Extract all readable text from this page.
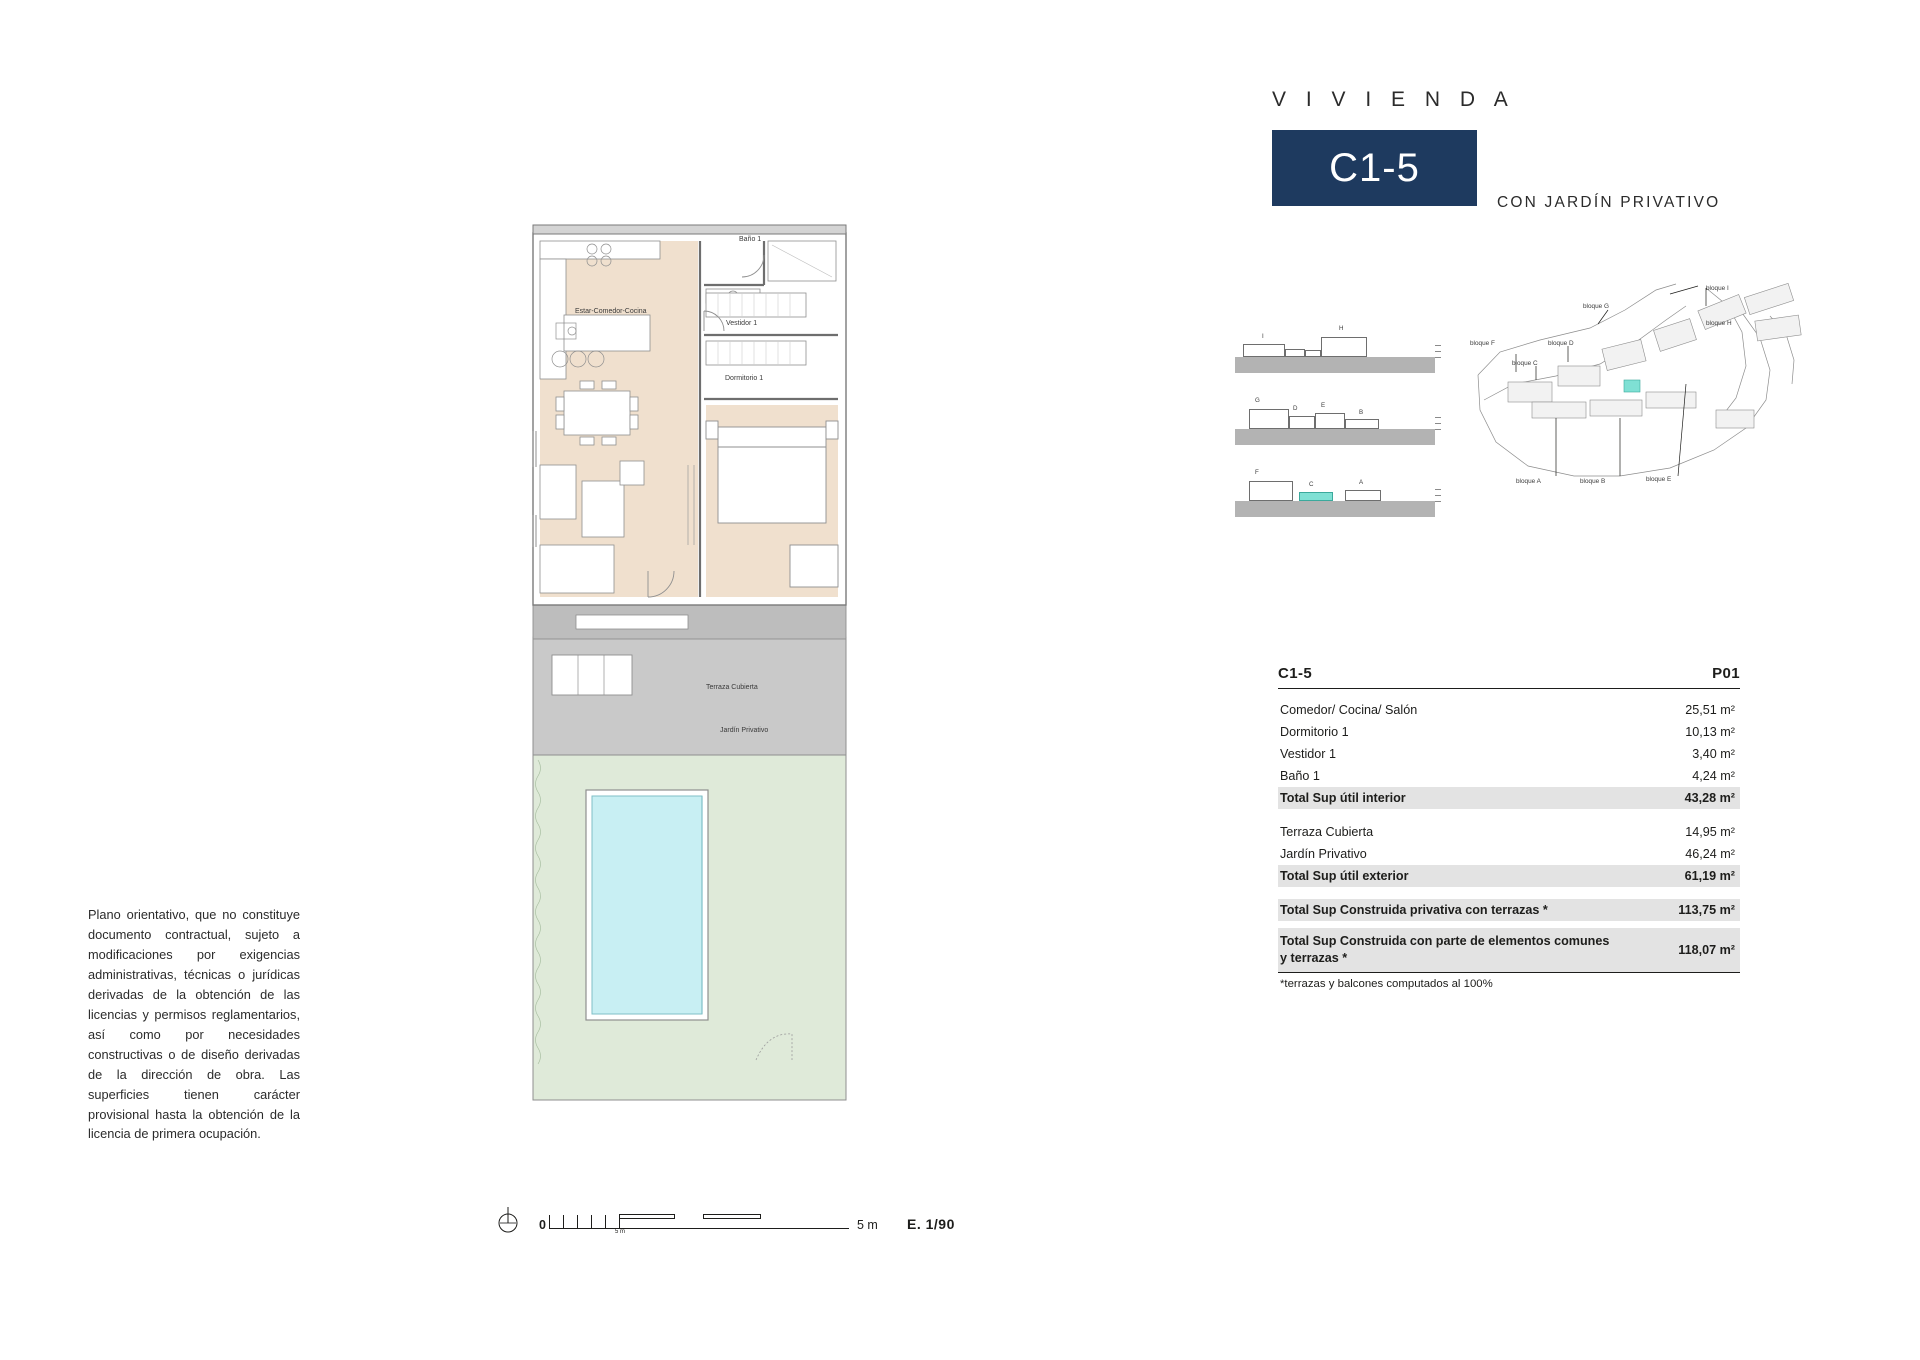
V I V I E N D A
C1-5
CON JARDÍN PRIVATIVO
I
H
G
D	E
B
F
C	A
bloque I
bloque H
bloque G
bloque F	bloque D
bloque C
bloque A	bloque B	bloque E
C1-5	P01
Comedor/ Cocina/ Salón	25,51 m²
Dormitorio 1	10,13 m²
Vestidor 1	3,40 m²
Baño 1	4,24 m²
Total Sup útil interior	43,28 m²
Terraza Cubierta	14,95 m²
Jardín Privativo	46,24 m²
Total Sup útil exterior	61,19 m²
Total Sup Construida privativa con terrazas *	113,75 m²
Total Sup Construida con parte de elementos comunes y terrazas *
118,07 m²
*terrazas y balcones computados al 100%
Plano orientativo, que no constituye documento contractual, sujeto a modificaciones por exigencias administrativas, técnicas o jurídicas derivadas de la obtención de las licencias y permisos reglamentarios, así como por necesidades constructivas o de diseño derivadas de la dirección de obra. Las superficies tienen carácter provisional hasta la obtención de la licencia de primera ocupación.
Estar-Comedor-Cocina
Baño 1
Vestidor 1
Dormitorio 1
Terraza Cubierta
Jardín Privativo
0	5 m	5 m E. 1/90
